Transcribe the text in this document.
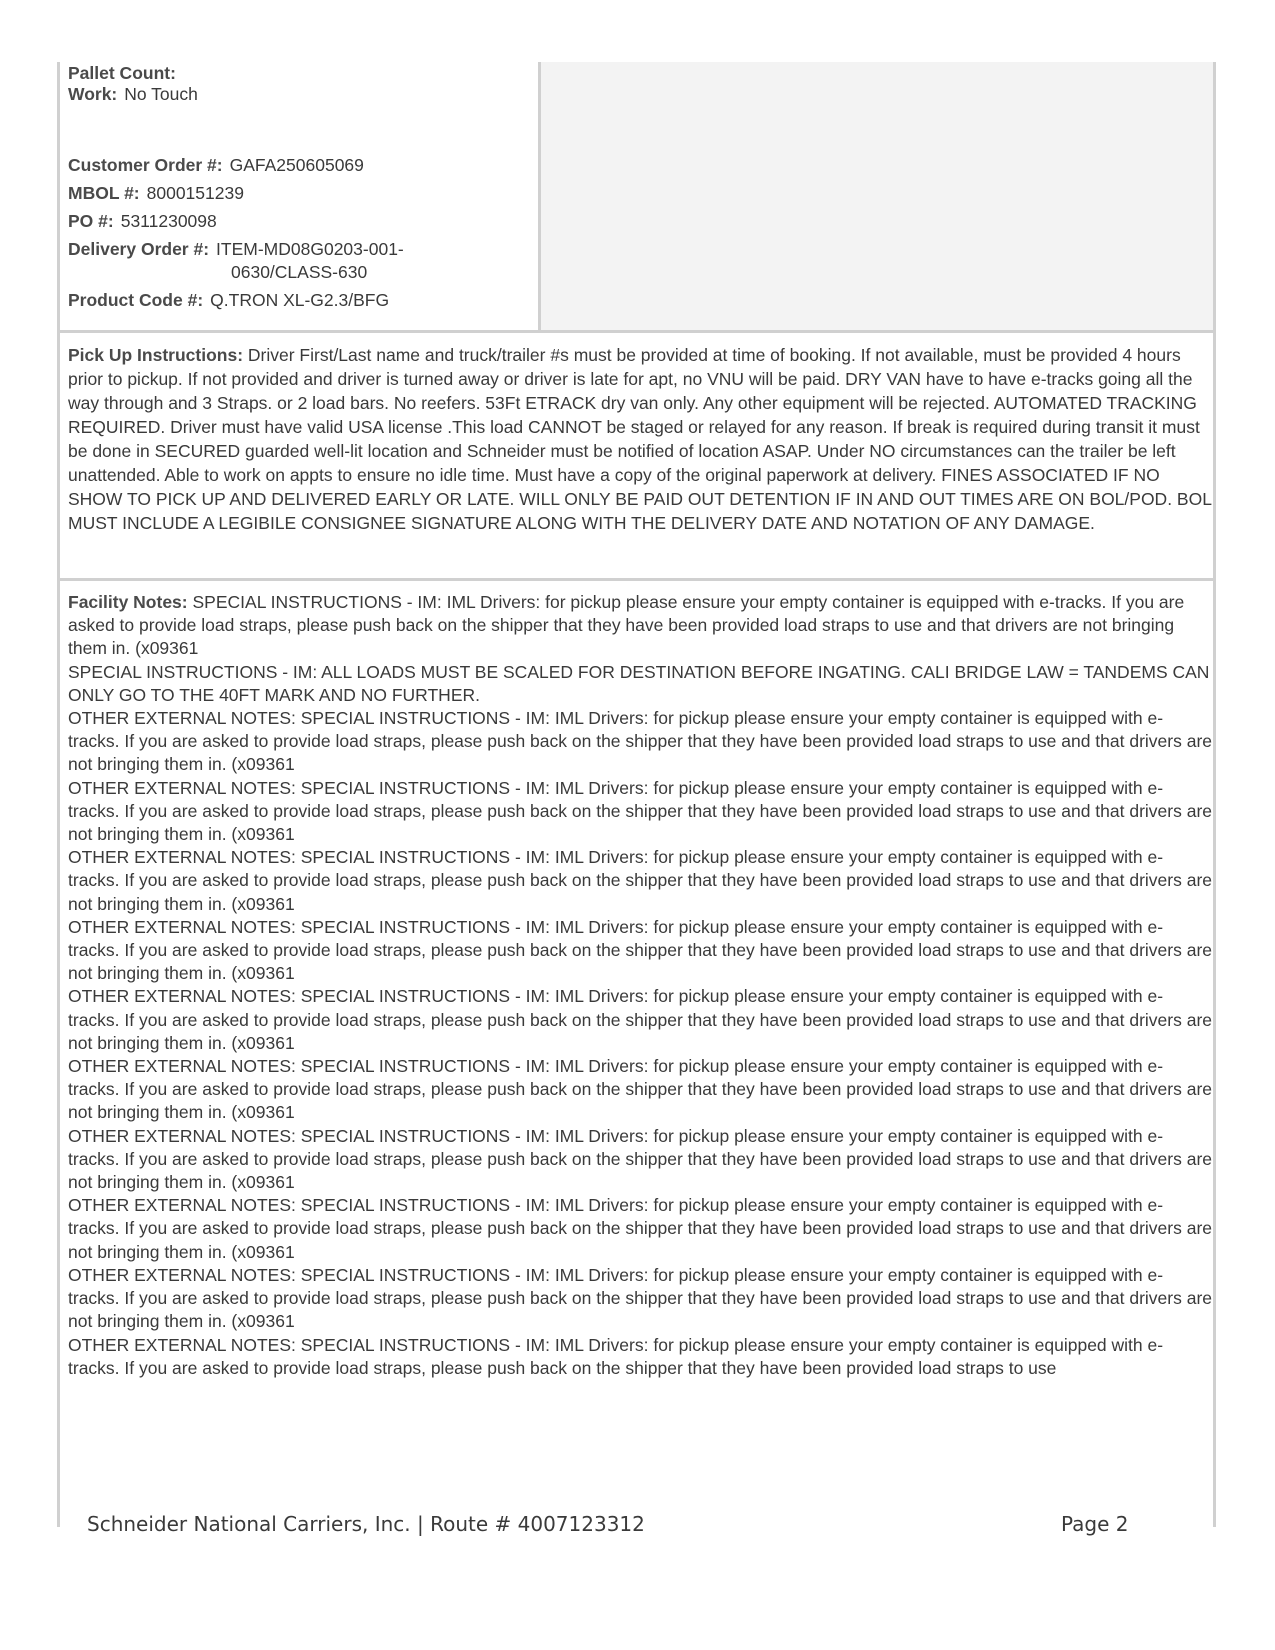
Pallet Count:
Work: No Touch
Customer Order #: GAFA250605069
MBOL #: 8000151239
PO #: 5311230098
Delivery Order #: ITEM-MD08G0203-001-
0630/CLASS-630
Product Code #: Q.TRON XL-G2.3/BFG
Pick Up Instructions: Driver First/Last name and truck/trailer #s must be provided at time of booking. If not available, must be provided 4 hours prior to pickup. If not provided and driver is turned away or driver is late for apt, no VNU will be paid. DRY VAN have to have e-tracks going all the way through and 3 Straps. or 2 load bars. No reefers. 53Ft ETRACK dry van only. Any other equipment will be rejected. AUTOMATED TRACKING REQUIRED. Driver must have valid USA license .This load CANNOT be staged or relayed for any reason. If break is required during transit it must be done in SECURED guarded well-lit location and Schneider must be notified of location ASAP. Under NO circumstances can the trailer be left unattended. Able to work on appts to ensure no idle time. Must have a copy of the original paperwork at delivery. FINES ASSOCIATED IF NO SHOW TO PICK UP AND DELIVERED EARLY OR LATE. WILL ONLY BE PAID OUT DETENTION IF IN AND OUT TIMES ARE ON BOL/POD. BOL MUST INCLUDE A LEGIBILE CONSIGNEE SIGNATURE ALONG WITH THE DELIVERY DATE AND NOTATION OF ANY DAMAGE.
Facility Notes: SPECIAL INSTRUCTIONS - IM: IML Drivers: for pickup please ensure your empty container is equipped with e-tracks. If you are asked to provide load straps, please push back on the shipper that they have been provided load straps to use and that drivers are not bringing them in. (x09361
SPECIAL INSTRUCTIONS - IM: ALL LOADS MUST BE SCALED FOR DESTINATION BEFORE INGATING. CALI BRIDGE LAW = TANDEMS CAN ONLY GO TO THE 40FT MARK AND NO FURTHER.
OTHER EXTERNAL NOTES: SPECIAL INSTRUCTIONS - IM: IML Drivers: for pickup please ensure your empty container is equipped with e-tracks. If you are asked to provide load straps, please push back on the shipper that they have been provided load straps to use and that drivers are not bringing them in. (x09361
OTHER EXTERNAL NOTES: SPECIAL INSTRUCTIONS - IM: IML Drivers: for pickup please ensure your empty container is equipped with e-tracks. If you are asked to provide load straps, please push back on the shipper that they have been provided load straps to use and that drivers are not bringing them in. (x09361
OTHER EXTERNAL NOTES: SPECIAL INSTRUCTIONS - IM: IML Drivers: for pickup please ensure your empty container is equipped with e-tracks. If you are asked to provide load straps, please push back on the shipper that they have been provided load straps to use and that drivers are not bringing them in. (x09361
OTHER EXTERNAL NOTES: SPECIAL INSTRUCTIONS - IM: IML Drivers: for pickup please ensure your empty container is equipped with e-tracks. If you are asked to provide load straps, please push back on the shipper that they have been provided load straps to use and that drivers are not bringing them in. (x09361
OTHER EXTERNAL NOTES: SPECIAL INSTRUCTIONS - IM: IML Drivers: for pickup please ensure your empty container is equipped with e-tracks. If you are asked to provide load straps, please push back on the shipper that they have been provided load straps to use and that drivers are not bringing them in. (x09361
OTHER EXTERNAL NOTES: SPECIAL INSTRUCTIONS - IM: IML Drivers: for pickup please ensure your empty container is equipped with e-tracks. If you are asked to provide load straps, please push back on the shipper that they have been provided load straps to use and that drivers are not bringing them in. (x09361
OTHER EXTERNAL NOTES: SPECIAL INSTRUCTIONS - IM: IML Drivers: for pickup please ensure your empty container is equipped with e-tracks. If you are asked to provide load straps, please push back on the shipper that they have been provided load straps to use and that drivers are not bringing them in. (x09361
OTHER EXTERNAL NOTES: SPECIAL INSTRUCTIONS - IM: IML Drivers: for pickup please ensure your empty container is equipped with e-tracks. If you are asked to provide load straps, please push back on the shipper that they have been provided load straps to use and that drivers are not bringing them in. (x09361
OTHER EXTERNAL NOTES: SPECIAL INSTRUCTIONS - IM: IML Drivers: for pickup please ensure your empty container is equipped with e-tracks. If you are asked to provide load straps, please push back on the shipper that they have been provided load straps to use and that drivers are not bringing them in. (x09361
OTHER EXTERNAL NOTES: SPECIAL INSTRUCTIONS - IM: IML Drivers: for pickup please ensure your empty container is equipped with e-tracks. If you are asked to provide load straps, please push back on the shipper that they have been provided load straps to use
Schneider National Carriers, Inc. | Route # 4007123312	Page 2
